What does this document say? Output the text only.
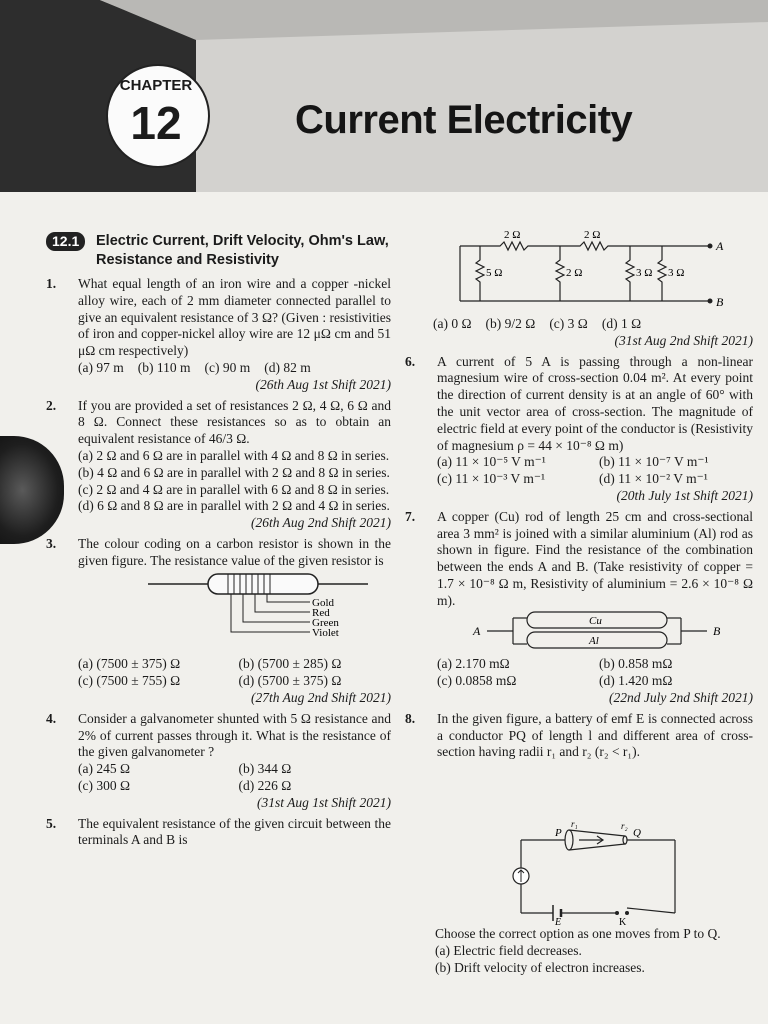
CHAPTER
12	Current Electricity
12.1	Electric Current, Drift Velocity, Ohm's Law, Resistance and Resistivity
1. What equal length of an iron wire and a copper -nickel alloy wire, each of 2 mm diameter connected parallel to give an equivalent resistance of 3 Ω? (Given : resistivities of iron and copper-nickel alloy wire are 12 μΩ cm and 51 μΩ cm respectively)
(a) 97 m (b) 110 m (c) 90 m (d) 82 m
(26th Aug 1st Shift 2021)
2. If you are provided a set of resistances 2 Ω, 4 Ω, 6 Ω and 8 Ω. Connect these resistances so as to obtain an equivalent resistance of 46/3 Ω.
(a) 2 Ω and 6 Ω are in parallel with 4 Ω and 8 Ω in series.
(b) 4 Ω and 6 Ω are in parallel with 2 Ω and 8 Ω in series.
(c) 2 Ω and 4 Ω are in parallel with 6 Ω and 8 Ω in series.
(d) 6 Ω and 8 Ω are in parallel with 2 Ω and 4 Ω in series.
(26th Aug 2nd Shift 2021)
3. The colour coding on a carbon resistor is shown in the given figure. The resistance value of the given resistor is
Gold
Red
Green
Violet
(a) (7500 ± 375) Ω	(b) (5700 ± 285) Ω
(c) (7500 ± 755) Ω	(d) (5700 ± 375) Ω
(27th Aug 2nd Shift 2021)
4. Consider a galvanometer shunted with 5 Ω resistance and 2% of current passes through it. What is the resistance of the given galvanometer ?
(a) 245 Ω	(b) 344 Ω
(c) 300 Ω	(d) 226 Ω
(31st Aug 1st Shift 2021)
5. The equivalent resistance of the given circuit between the terminals A and B is
2 Ω	2 Ω
5 Ω	2 Ω	3 Ω 3 Ω
A
B
(a) 0 Ω (b) 9/2 Ω (c) 3 Ω (d) 1 Ω
(31st Aug 2nd Shift 2021)
6. A current of 5 A is passing through a non-linear magnesium wire of cross-section 0.04 m². At every point the direction of current density is at an angle of 60° with the unit vector area of cross-section. The magnitude of electric field at every point of the conductor is (Resistivity of magnesium ρ = 44 × 10⁻⁸ Ω m)
(a) 11 × 10⁻⁵ V m⁻¹	(b) 11 × 10⁻⁷ V m⁻¹
(c) 11 × 10⁻³ V m⁻¹	(d) 11 × 10⁻² V m⁻¹
(20th July 1st Shift 2021)
7. A copper (Cu) rod of length 25 cm and cross-sectional area 3 mm² is joined with a similar aluminium (Al) rod as shown in figure. Find the resistance of the combination between the ends A and B. (Take resistivity of copper = 1.7 × 10⁻⁸ Ω m, Resistivity of aluminium = 2.6 × 10⁻⁸ Ω m).
A
Cu
Al
B
(a) 2.170 mΩ	(b) 0.858 mΩ
(c) 0.0858 mΩ	(d) 1.420 mΩ
(22nd July 2nd Shift 2021)
8. In the given figure, a battery of emf E is connected across a conductor PQ of length l and different area of cross-section having radii r₁ and r₂ (r₂ < r₁).
P
r₁	r₂
Q
E	K
Choose the correct option as one moves from P to Q.
(a) Electric field decreases.
(b) Drift velocity of electron increases.
